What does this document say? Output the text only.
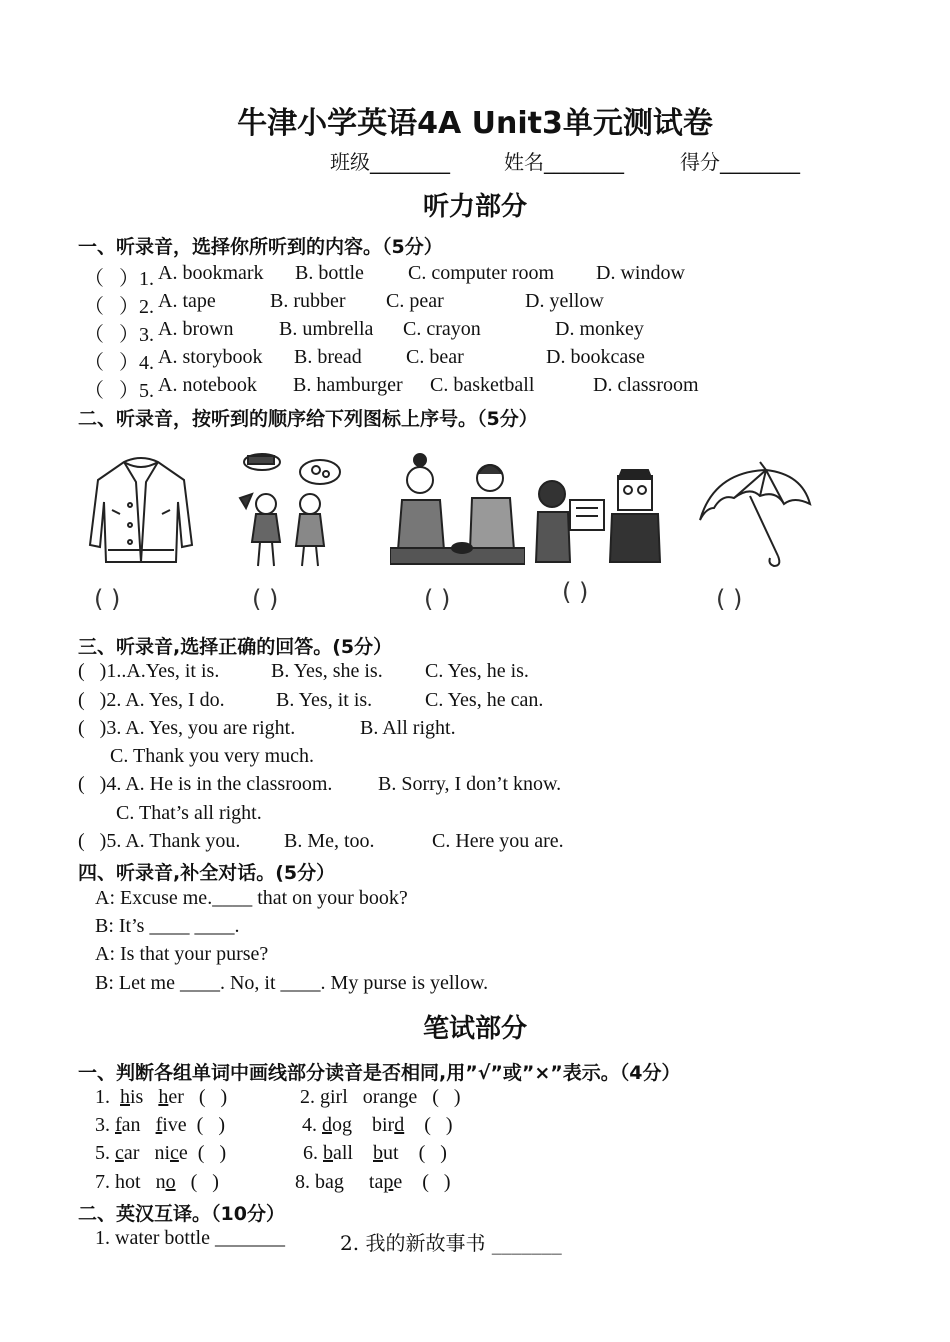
牛津小学英语4A Unit3单元测试卷
班级________	姓名________	得分________
听力部分
一、听录音，选择你所听到的内容。（5分）
（   ）1. A. bookmark B. bottle C. computer room D. window
（   ）2. A. tape	B. rubber C. pear	D. yellow
（   ）3. A. brown B. umbrella C. crayon	D. monkey
（   ）4. A. storybook B. bread C. bear	D. bookcase
（   ）5. A. notebook B. hamburger C. basketball	D. classroom
二、听录音，按听到的顺序给下列图标上序号。（5分）
( )	( )	( )	( )	( )
三、听录音,选择正确的回答。(5分）
(   )1..A.Yes, it is.	B. Yes, she is. C. Yes, he is.
(   )2. A. Yes, I do.	B. Yes, it is.	C. Yes, he can.
(   )3. A. Yes, you are right.	B. All right.
C. Thank you very much.
(   )4. A. He is in the classroom. B. Sorry, I don’t know.
C. That’s all right.
(   )5. A. Thank you. B. Me, too.	C. Here you are.
四、听录音,补全对话。(5分）
A: Excuse me.____ that on your book?
B: It’s ____ ____.
A: Is that your purse?
B: Let me ____. No, it ____. My purse is yellow.
笔试部分
一、判断各组单词中画线部分读音是否相同,用”√”或”×”表示。（4分）
1. his her (   )	2. girl orange (   )
3. fan five (   )	4. dog bird (   )
5. car nice (   )	6. ball but (   )
7. hot no (   )	8. bag tape (   )
二、英汉互译。（10分）
1. water bottle _______	2. 我的新故事书 _______
